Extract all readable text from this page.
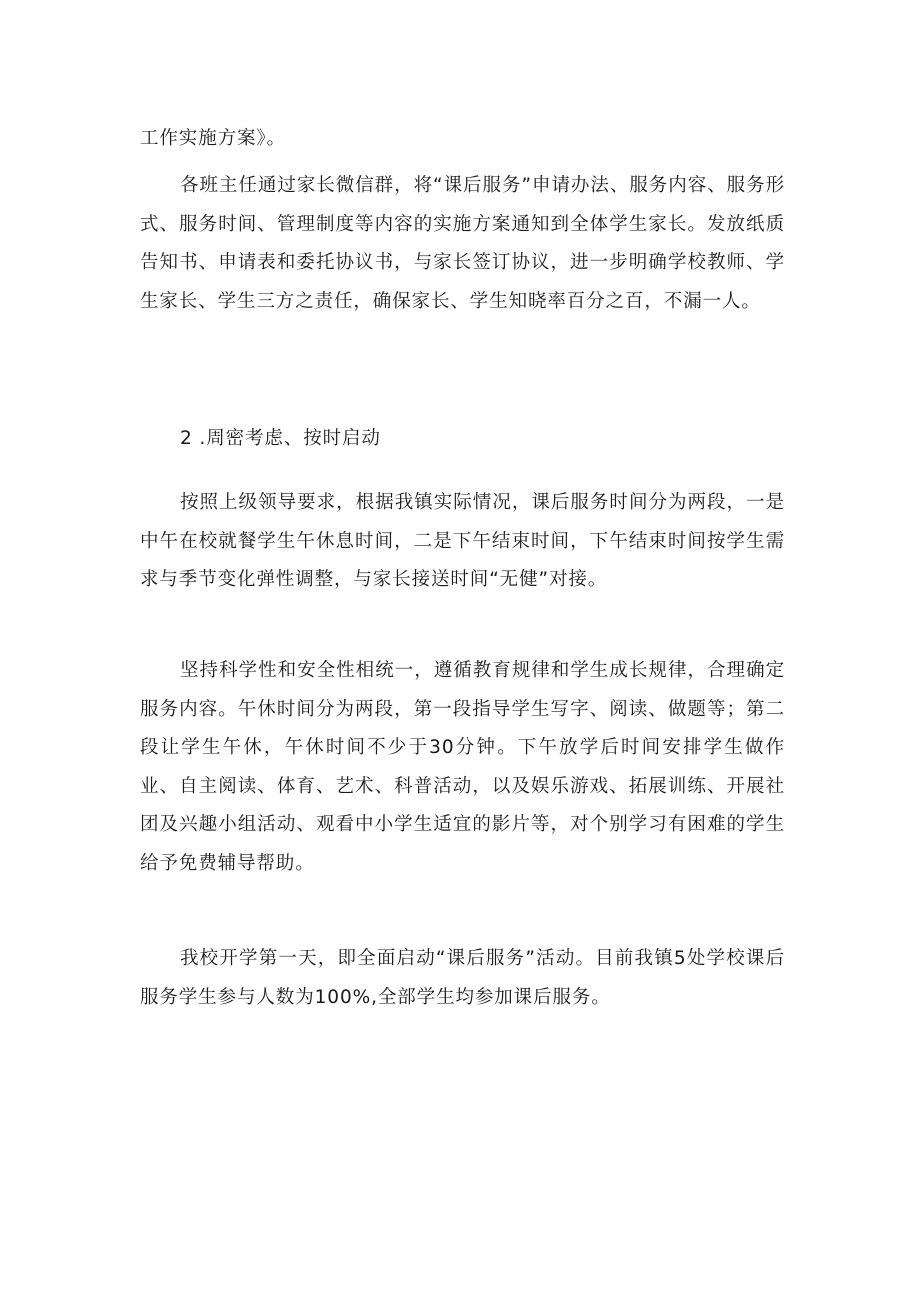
工作实施方案》。

各班主任通过家长微信群，将“课后服务”申请办法、服务内容、服务形式、服务时间、管理制度等内容的实施方案通知到全体学生家长。发放纸质告知书、申请表和委托协议书，与家长签订协议，进一步明确学校教师、学生家长、学生三方之责任，确保家长、学生知晓率百分之百，不漏一人。

2 .周密考虑、按时启动

按照上级领导要求，根据我镇实际情况，课后服务时间分为两段，一是中午在校就餐学生午休息时间，二是下午结束时间，下午结束时间按学生需求与季节变化弹性调整，与家长接送时间“无健”对接。

坚持科学性和安全性相统一，遵循教育规律和学生成长规律，合理确定服务内容。午休时间分为两段，第一段指导学生写字、阅读、做题等；第二段让学生午休，午休时间不少于30分钟。下午放学后时间安排学生做作业、自主阅读、体育、艺术、科普活动，以及娱乐游戏、拓展训练、开展社团及兴趣小组活动、观看中小学生适宜的影片等，对个别学习有困难的学生给予免费辅导帮助。

我校开学第一天，即全面启动“课后服务”活动。目前我镇5处学校课后服务学生参与人数为100%,全部学生均参加课后服务。
